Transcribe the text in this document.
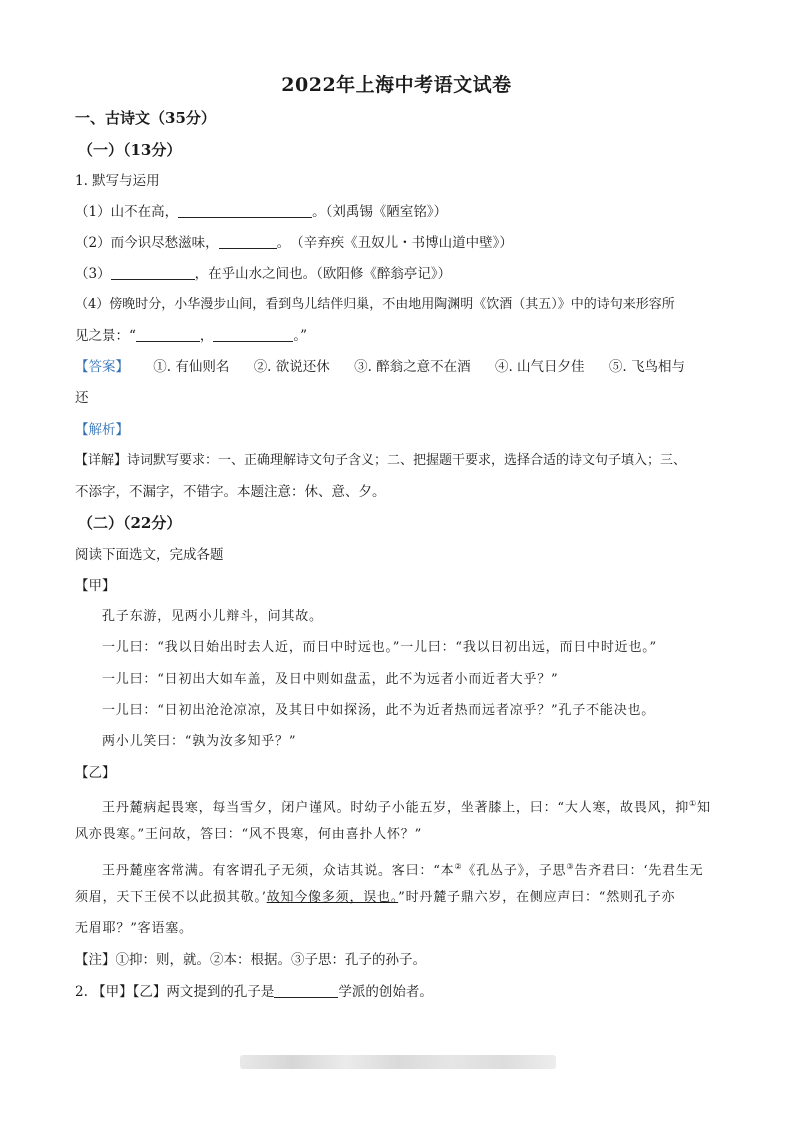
2022年上海中考语文试卷
一、古诗文（35分）
（一）（13分）
1. 默写与运用
（1）山不在高，	。（刘禹锡《陋室铭》）
（2）而今识尽愁滋味，	。　（辛弃疾《丑奴儿・书博山道中壁》）
（3）	，在乎山水之间也。（欧阳修《醉翁亭记》）
（4）傍晚时分，小华漫步山间，看到鸟儿结伴归巢，不由地用陶渊明《饮酒（其五）》中的诗句来形容所
见之景：“	，	。”
【答案】 ①. 有仙则名 ②. 欲说还休 ③. 醉翁之意不在酒 ④. 山气日夕佳 ⑤. 飞鸟相与
还
【解析】
【详解】诗词默写要求：一、正确理解诗文句子含义；二、把握题干要求，选择合适的诗文句子填入；三、
不添字，不漏字，不错字。本题注意：休、意、夕。
（二）（22分）
阅读下面选文，完成各题
【甲】
孔子东游，见两小儿辩斗，问其故。
一儿曰：“我以日始出时去人近，而日中时远也。”一儿曰：“我以日初出远，而日中时近也。”
一儿曰：“日初出大如车盖，及日中则如盘盂，此不为远者小而近者大乎？”
一儿曰：“日初出沧沧凉凉，及其日中如探汤，此不为近者热而远者凉乎？”孔子不能决也。
两小儿笑曰：“孰为汝多知乎？”
【乙】
王丹麓病起畏寒，每当雪夕，闭户谨风。时幼子小能五岁，坐著膝上，曰：“大人寒，故畏风，抑①知
风亦畏寒。”王问故，答曰：“风不畏寒，何由喜扑人怀？”
王丹麓座客常满。有客谓孔子无须，众诘其说。客曰：“本②《孔丛子》，子思③告齐君曰：‘先君生无
须眉，天下王侯不以此损其敬。’故知今像多须，误也。”时丹麓子鼎六岁，在侧应声曰：“然则孔子亦
无眉耶？”客语塞。
【注】①抑：则，就。②本：根据。③子思：孔子的孙子。
2. 【甲】【乙】两文提到的孔子是	学派的创始者。
